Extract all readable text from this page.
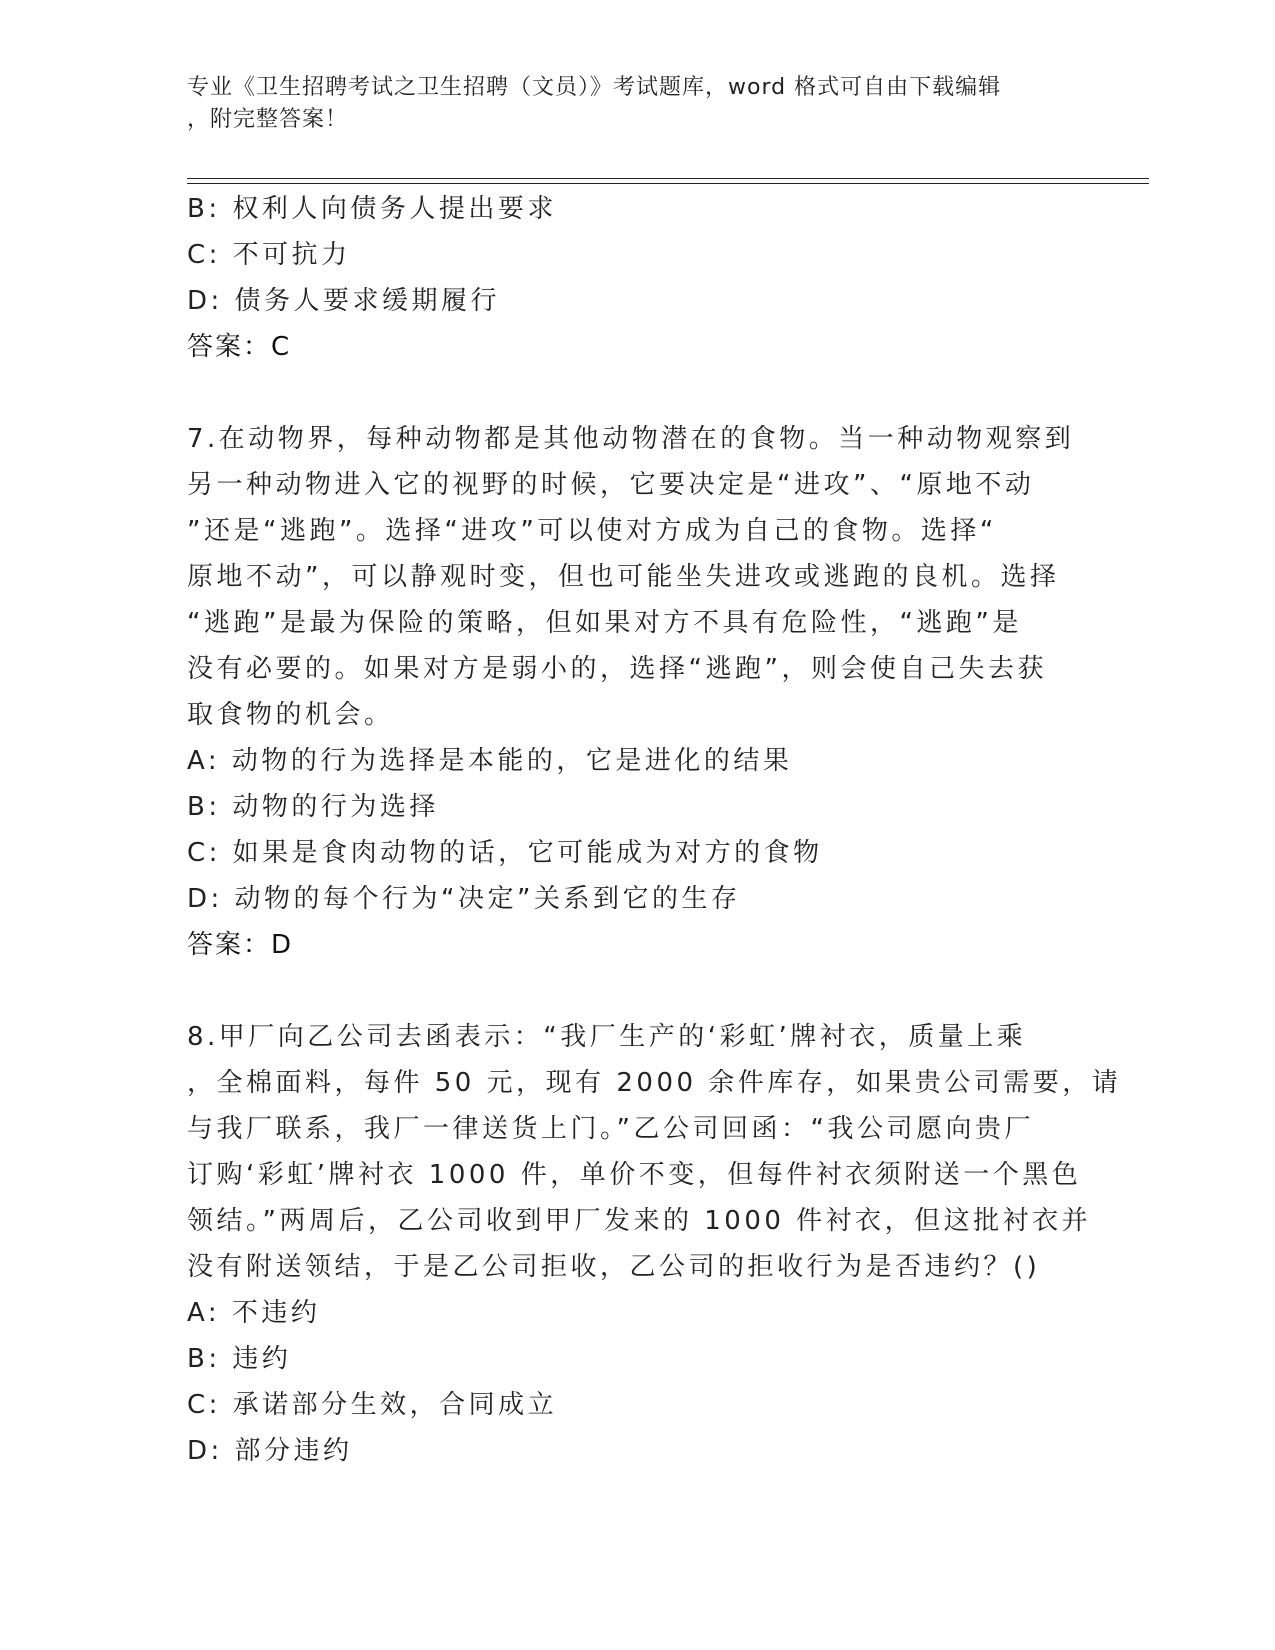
专业《卫生招聘考试之卫生招聘（文员）》考试题库，word 格式可自由下载编辑
，附完整答案！
B: 权利人向债务人提出要求
C: 不可抗力
D: 债务人要求缓期履行
答案：C
7.在动物界，每种动物都是其他动物潜在的食物。当一种动物观察到
另一种动物进入它的视野的时候，它要决定是“进攻”、“原地不动
”还是“逃跑”。选择“进攻”可以使对方成为自己的食物。选择“
原地不动”，可以静观时变，但也可能坐失进攻或逃跑的良机。选择
“逃跑”是最为保险的策略，但如果对方不具有危险性，“逃跑”是
没有必要的。如果对方是弱小的，选择“逃跑”，则会使自己失去获
取食物的机会。
A: 动物的行为选择是本能的，它是进化的结果
B: 动物的行为选择
C: 如果是食肉动物的话，它可能成为对方的食物
D: 动物的每个行为“决定”关系到它的生存
答案：D
8.甲厂向乙公司去函表示：“我厂生产的‘彩虹’牌衬衣，质量上乘
，全棉面料，每件 50 元，现有 2000 余件库存，如果贵公司需要，请
与我厂联系，我厂一律送货上门。”乙公司回函：“我公司愿向贵厂
订购‘彩虹’牌衬衣 1000 件，单价不变，但每件衬衣须附送一个黑色
领结。”两周后，乙公司收到甲厂发来的 1000 件衬衣，但这批衬衣并
没有附送领结，于是乙公司拒收，乙公司的拒收行为是否违约？()
A: 不违约
B: 违约
C: 承诺部分生效，合同成立
D: 部分违约
